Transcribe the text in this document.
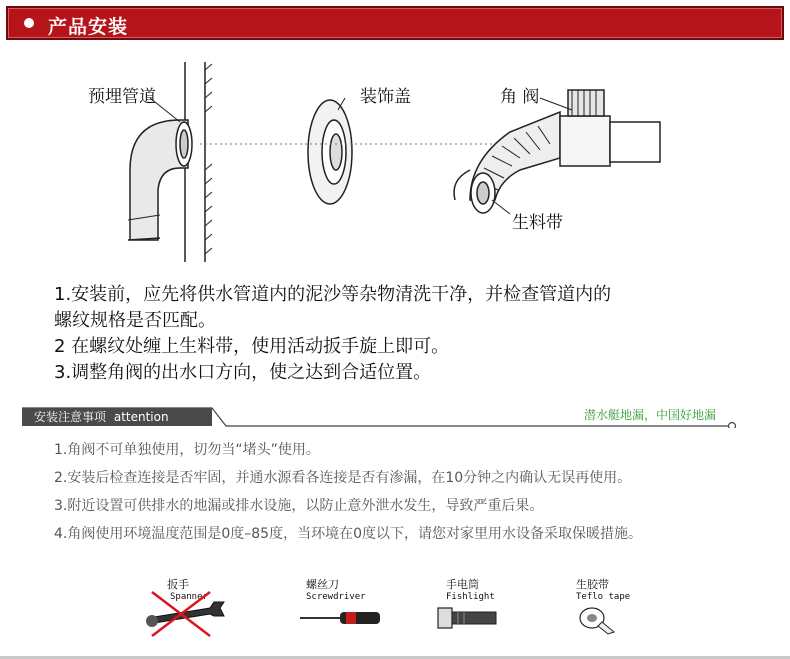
产品安装
预埋管道	装饰盖	角 阀
生料带

1.安装前，应先将供水管道内的泥沙等杂物清洗干净，并检查管道内的

螺纹规格是否匹配。

2 在螺纹处缠上生料带，使用活动扳手旋上即可。

3.调整角阀的出水口方向，使之达到合适位置。

安装注意事项 attention	潜水艇地漏，中国好地漏

1.角阀不可单独使用，切勿当“堵头”使用。

2.安装后检查连接是否牢固，并通水源看各连接是否有渗漏，在10分钟之内确认无误再使用。

3.附近设置可供排水的地漏或排水设施，以防止意外泄水发生，导致严重后果。

4.角阀使用环境温度范围是0度–85度，当环境在0度以下，请您对家里用水设备采取保暖措施。

扳手
Spanner
螺丝刀
Screwdriver
手电筒
Fishlight
生胶带
Teflo tape
